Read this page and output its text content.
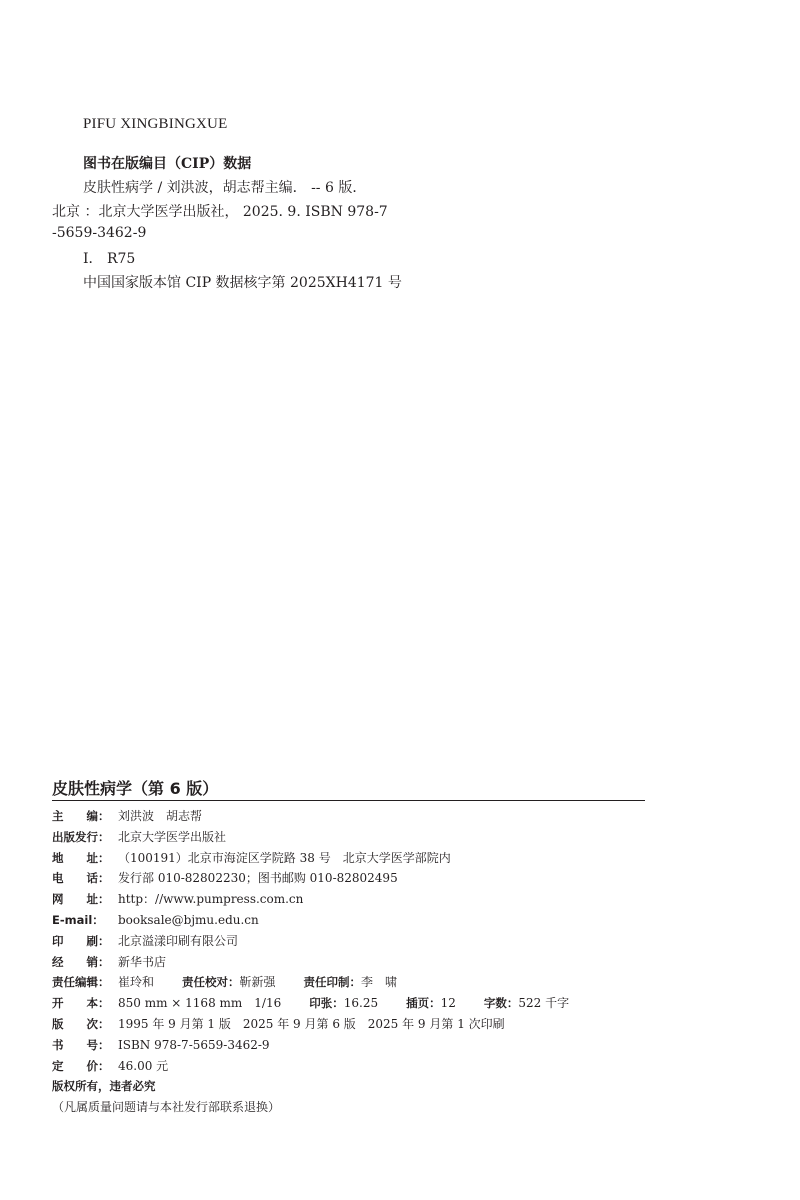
PIFU XINGBINGXUE
图书在版编目（CIP）数据
皮肤性病学 / 刘洪波，胡志帮主编． -- 6 版．
北京 ：北京大学医学出版社， 2025. 9. ISBN 978-7
-5659-3462-9
Ⅰ． R75
中国国家版本馆 CIP 数据核字第 2025XH4171 号
皮肤性病学（第 6 版）
主　　编： 刘洪波　胡志帮
出版发行： 北京大学医学出版社
地　　址： （100191）北京市海淀区学院路 38 号　北京大学医学部院内
电　　话： 发行部 010-82802230；图书邮购 010-82802495
网　　址： http：//www.pumpress.com.cn
E-mail： booksale@bjmu.edu.cn
印　　刷： 北京溢漾印刷有限公司
经　　销： 新华书店
责任编辑： 崔玲和 责任校对：靳新强 责任印制：李　啸
开　　本： 850 mm × 1168 mm　1/16 印张：16.25 插页：12 字数：522 千字
版　　次： 1995 年 9 月第 1 版　2025 年 9 月第 6 版　2025 年 9 月第 1 次印刷
书　　号： ISBN 978-7-5659-3462-9
定　　价： 46.00 元
版权所有，违者必究
（凡属质量问题请与本社发行部联系退换）
